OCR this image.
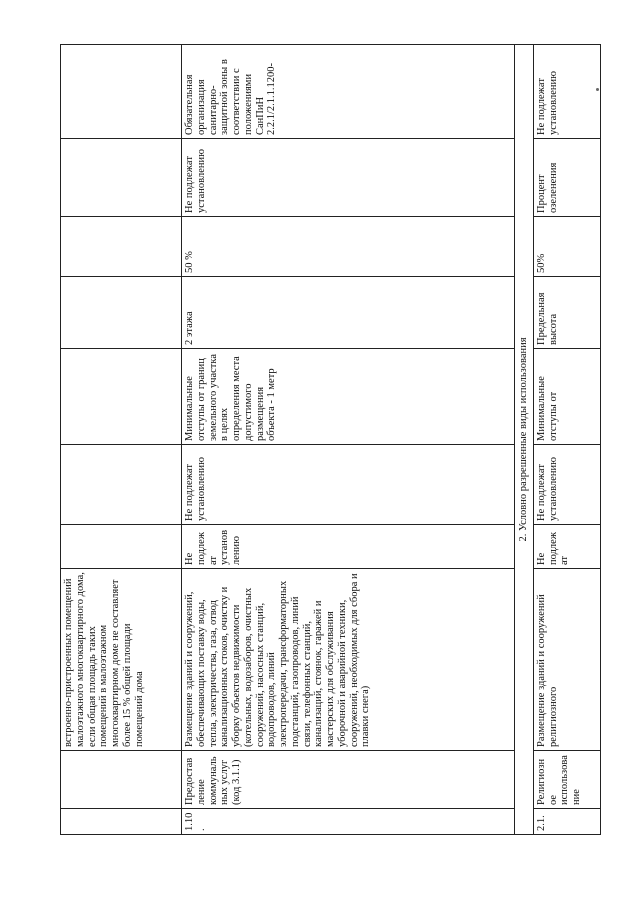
		встроенно-пристроенных помещений малоэтажного многоквартирного дома, если общая площадь таких помещений в малоэтажном многоквартирном доме не составляет более 15 % общей площади помещений дома							
1.10.	Предоставление коммунальных услуг (код 3.1.1)	Размещение зданий и сооружений, обеспечивающих поставку воды, тепла, электричества, газа, отвод канализационных стоков, очистку и уборку объектов недвижимости (котельных, водозаборов, очистных сооружений, насосных станций, водопроводов, линий электропередачи, трансформаторных подстанций, газопроводов, линий связи, телефонных станций, канализаций, стоянок, гаражей и мастерских для обслуживания уборочной и аварийной техники, сооружений, необходимых для сбора и плавки снега)	Не подлежат установлению	Не подлежат установлению	Минимальные отступы от границ земельного участка в целях определения места допустимого размещения объекта - 1 метр	2 этажа	50 %	Не подлежат установлению	Обязательная организация санитарно-защитной зоны в соответствии с положениями СанПиН 2.2.1/2.1.1.1200-
2. Условно разрешенные виды использования									
2.1.	Религиозное использование	Размещение зданий и сооружений религиозного	Не подлежат	Не подлежат установлению	Минимальные отступы от	Предельная высота	50%	Процент озеленения	Не подлежат установлению
